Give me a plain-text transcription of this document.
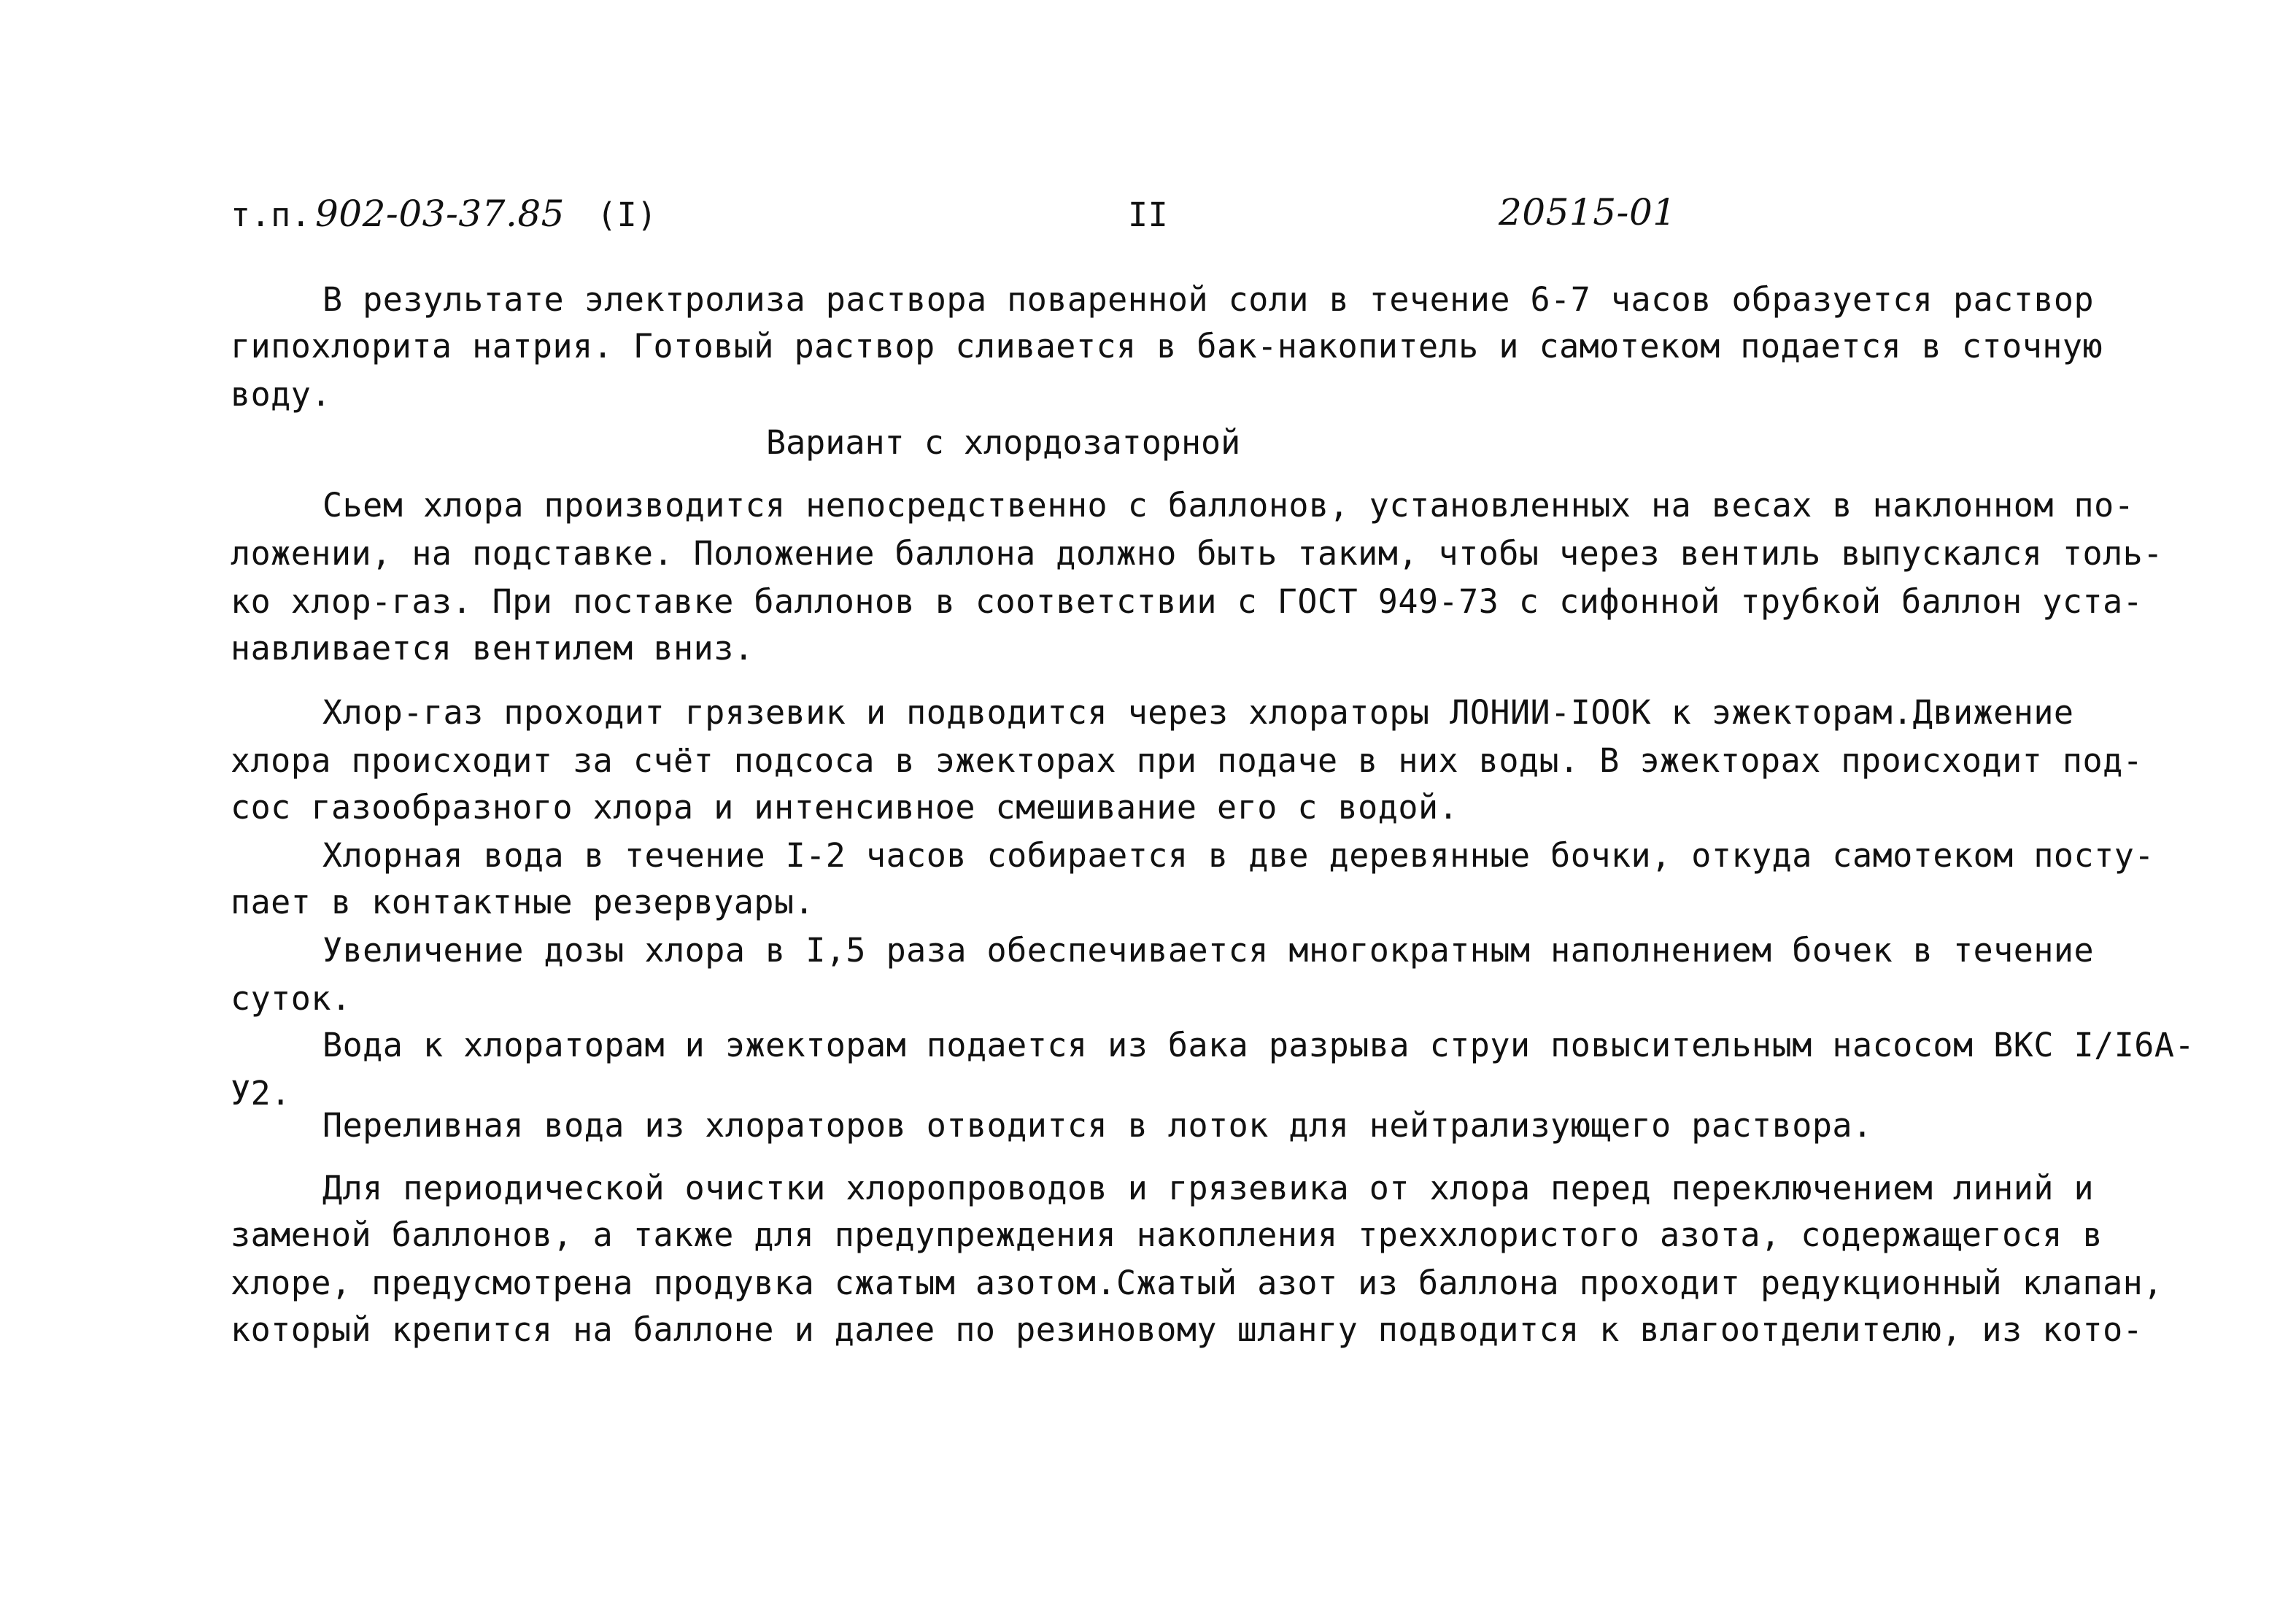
т.п. 902-03-37.85 (I)	II	20515-01
В результате электролиза раствора поваренной соли в течение 6-7 часов образуется раствор
гипохлорита натрия. Готовый раствор сливается в бак-накопитель и самотеком подается в сточную
воду.
Вариант с хлордозаторной
Сьем хлора производится непосредственно с баллонов, установленных на весах в наклонном по-
ложении, на подставке. Положение баллона должно быть таким, чтобы через вентиль выпускался толь-
ко хлор-газ. При поставке баллонов в соответствии с ГОСТ 949-73 с сифонной трубкой баллон уста-
навливается вентилем вниз.
Хлор-газ проходит грязевик и подводится через хлораторы ЛОНИИ-IOOK к эжекторам.Движение
хлора происходит за счёт подсоса в эжекторах при подаче в них воды. В эжекторах происходит под-
сос газообразного хлора и интенсивное смешивание его с водой.
Хлорная вода в течение I-2 часов собирается в две деревянные бочки, откуда самотеком посту-
пает в контактные резервуары.
Увеличение дозы хлора в I,5 раза обеспечивается многократным наполнением бочек в течение
суток.
Вода к хлораторам и эжекторам подается из бака разрыва струи повысительным насосом ВКС I/I6A-
У2.
Переливная вода из хлораторов отводится в лоток для нейтрализующего раствора.
Для периодической очистки хлоропроводов и грязевика от хлора перед переключением линий и
заменой баллонов, а также для предупреждения накопления треххлористого азота, содержащегося в
хлоре, предусмотрена продувка сжатым азотом.Сжатый азот из баллона проходит редукционный клапан,
который крепится на баллоне и далее по резиновому шлангу подводится к влагоотделителю, из кото-
